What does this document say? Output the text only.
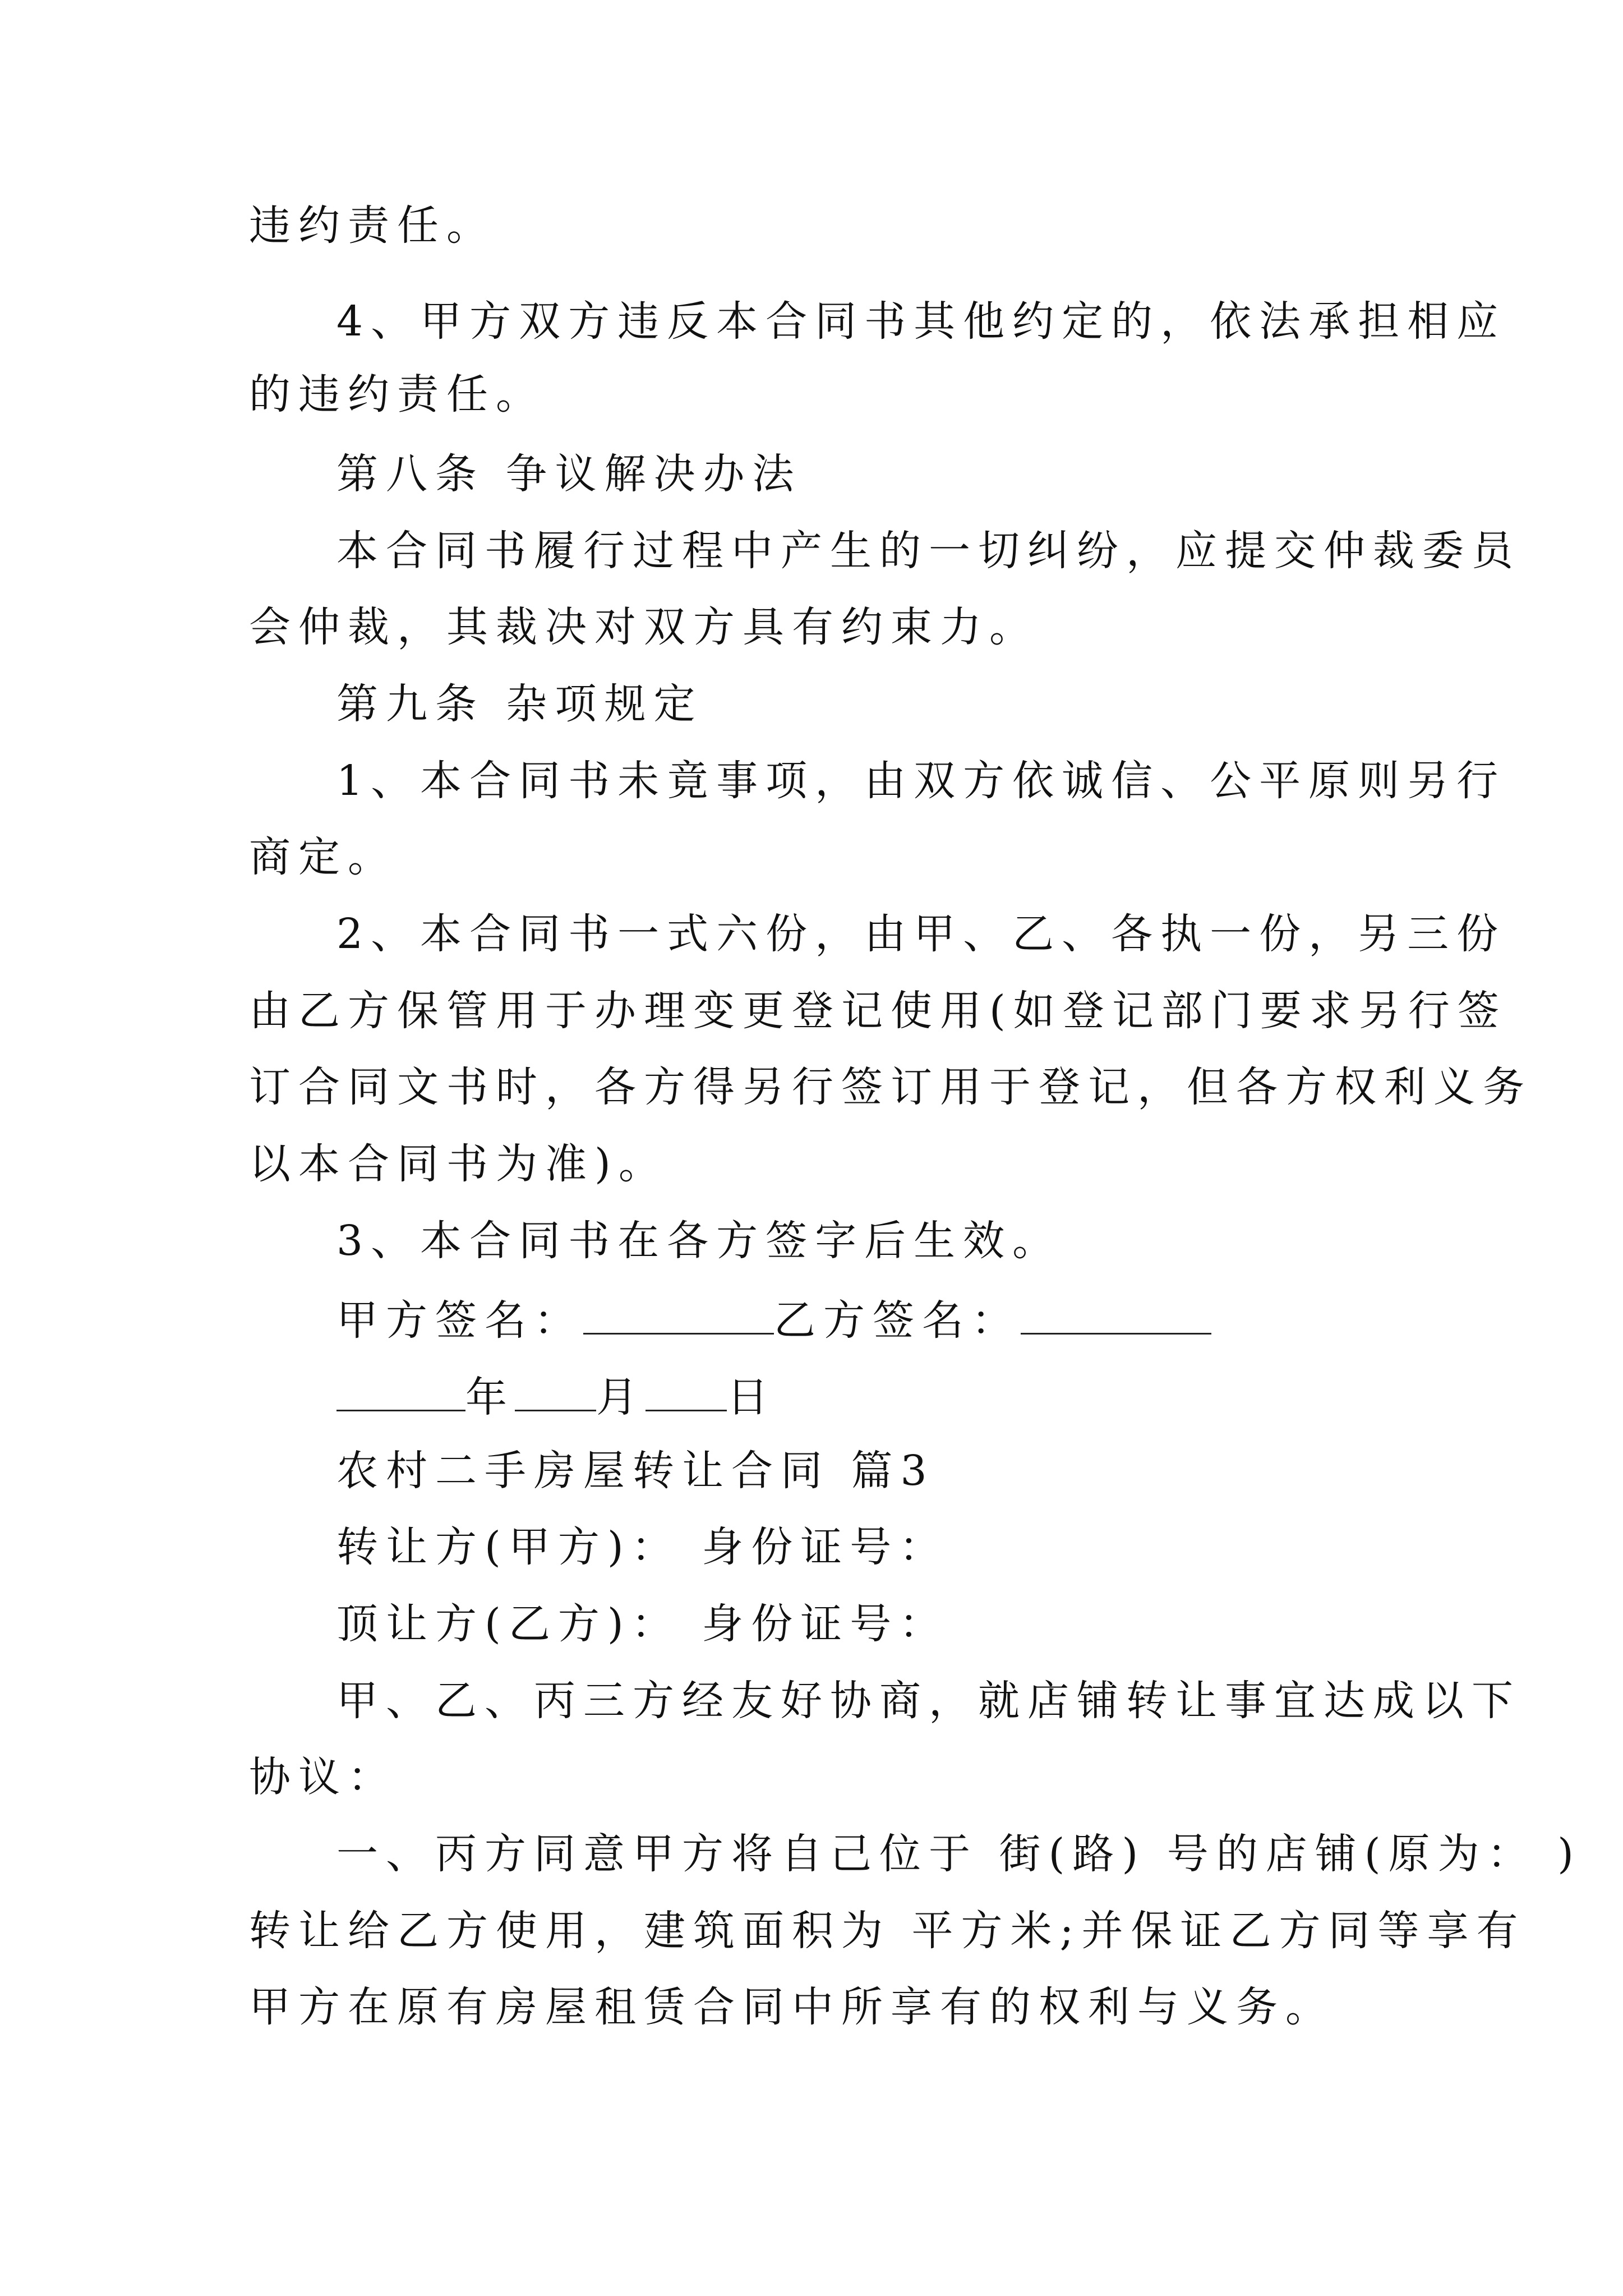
违约责任。
4、甲方双方违反本合同书其他约定的，依法承担相应
的违约责任。
第八条 争议解决办法
本合同书履行过程中产生的一切纠纷，应提交仲裁委员
会仲裁，其裁决对双方具有约束力。
第九条 杂项规定
1、本合同书未竟事项，由双方依诚信、公平原则另行
商定。
2、本合同书一式六份，由甲、乙、各执一份，另三份
由乙方保管用于办理变更登记使用(如登记部门要求另行签
订合同文书时，各方得另行签订用于登记，但各方权利义务
以本合同书为准)。
3、本合同书在各方签字后生效。
甲方签名：	乙方签名：
年 月 日
农村二手房屋转让合同 篇3
转让方(甲方)： 身份证号：
顶让方(乙方)： 身份证号：
甲、乙、丙三方经友好协商，就店铺转让事宜达成以下
协议：
一、丙方同意甲方将自己位于 街(路) 号的店铺(原为： )
转让给乙方使用，建筑面积为 平方米;并保证乙方同等享有
甲方在原有房屋租赁合同中所享有的权利与义务。
